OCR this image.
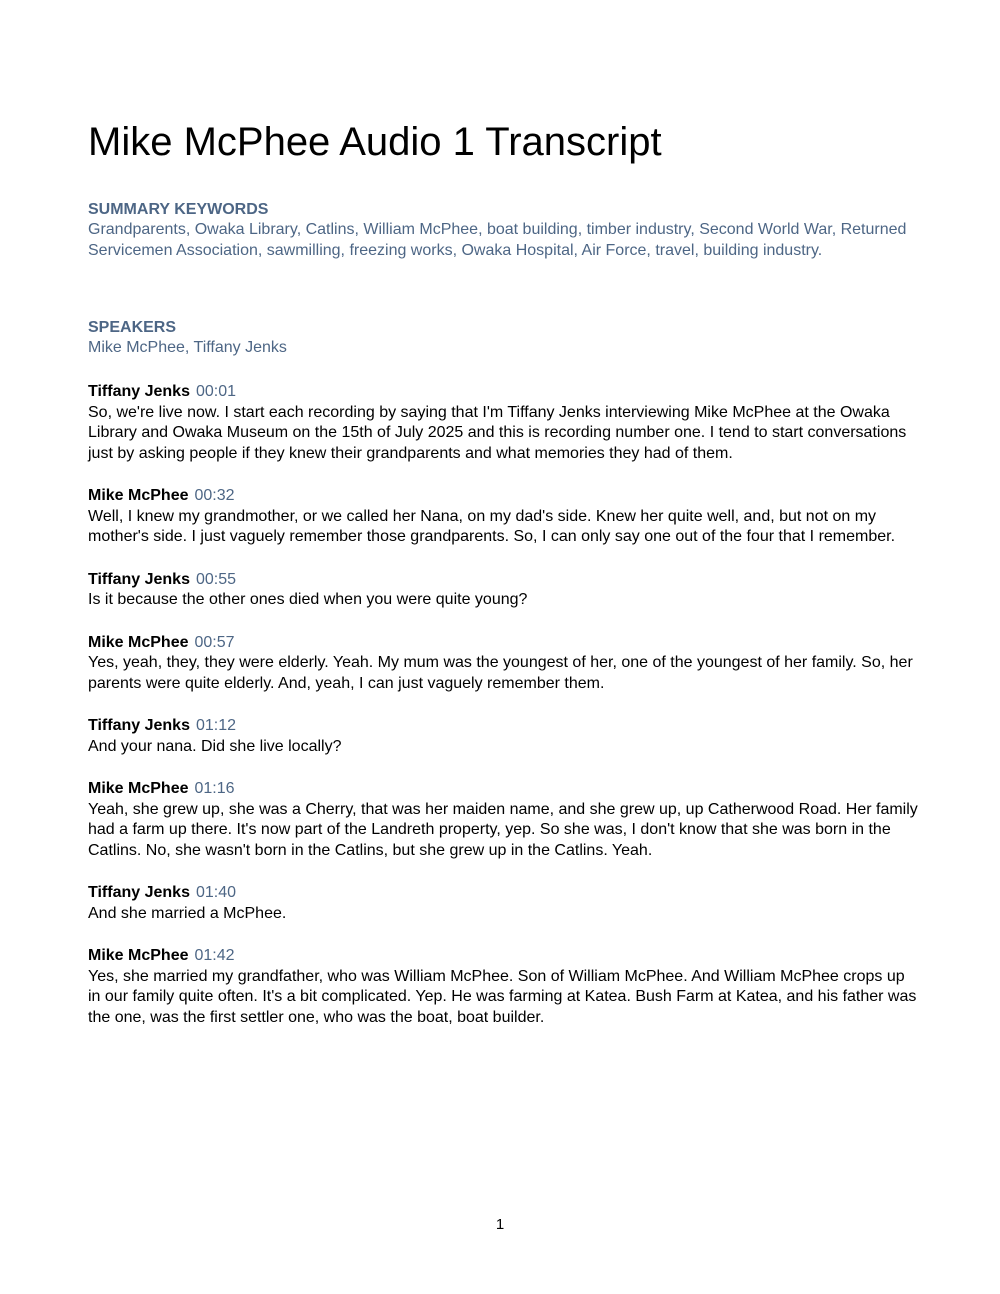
Mike McPhee Audio 1 Transcript
SUMMARY KEYWORDS
Grandparents, Owaka Library, Catlins, William McPhee, boat building, timber industry, Second World War, Returned Servicemen Association, sawmilling, freezing works, Owaka Hospital, Air Force, travel, building industry.
SPEAKERS
Mike McPhee, Tiffany Jenks
Tiffany Jenks 00:01

So, we're live now. I start each recording by saying that I'm Tiffany Jenks interviewing Mike McPhee at the Owaka Library and Owaka Museum on the 15th of July 2025 and this is recording number one. I tend to start conversations just by asking people if they knew their grandparents and what memories they had of them.

Mike McPhee 00:32

Well, I knew my grandmother, or we called her Nana, on my dad's side. Knew her quite well, and, but not on my mother's side. I just vaguely remember those grandparents. So, I can only say one out of the four that I remember.

Tiffany Jenks 00:55

Is it because the other ones died when you were quite young?

Mike McPhee 00:57

Yes, yeah, they, they were elderly. Yeah. My mum was the youngest of her, one of the youngest of her family. So, her parents were quite elderly. And, yeah, I can just vaguely remember them.

Tiffany Jenks 01:12

And your nana. Did she live locally?

Mike McPhee 01:16

Yeah, she grew up, she was a Cherry, that was her maiden name, and she grew up, up Catherwood Road. Her family had a farm up there. It's now part of the Landreth property, yep. So she was, I don't know that she was born in the Catlins. No, she wasn't born in the Catlins, but she grew up in the Catlins. Yeah.

Tiffany Jenks 01:40

And she married a McPhee.

Mike McPhee 01:42

Yes, she married my grandfather, who was William McPhee. Son of William McPhee. And William McPhee crops up in our family quite often. It's a bit complicated. Yep. He was farming at Katea. Bush Farm at Katea, and his father was the one, was the first settler one, who was the boat, boat builder.

1
